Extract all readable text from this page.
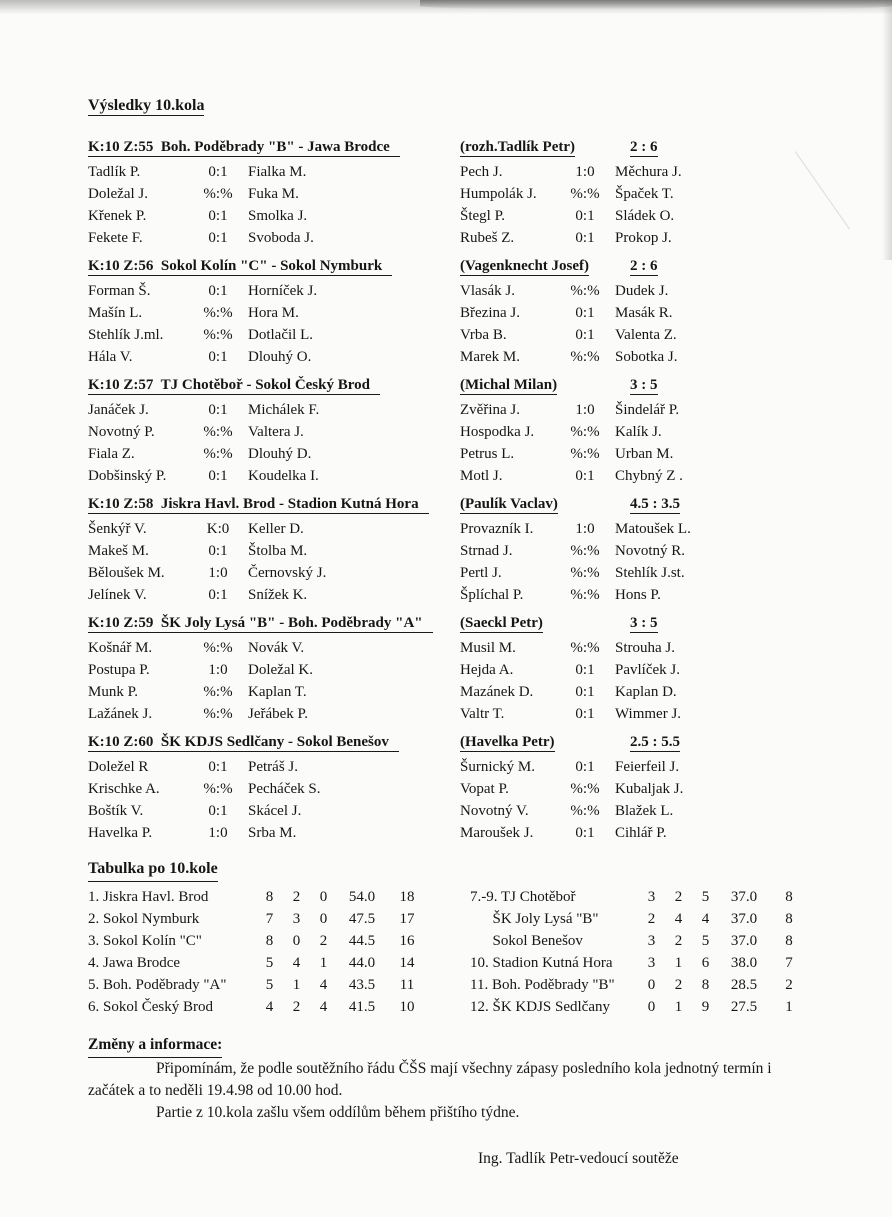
Výsledky 10.kola
K:10 Z:55  Boh. Poděbrady "B" - Jawa Brodce	(rozh.Tadlík Petr)	2 : 6
Tadlík P.	0:1	Fialka M.	Pech J.	1:0	Měchura J.
Doležal J.	%:%	Fuka M.	Humpolák J.	%:%	Špaček T.
Křenek P.	0:1	Smolka J.	Štegl P.	0:1	Sládek O.
Fekete F.	0:1	Svoboda J.	Rubeš Z.	0:1	Prokop J.
K:10 Z:56  Sokol Kolín "C" - Sokol Nymburk	(Vagenknecht Josef)	2 : 6
Forman Š.	0:1	Horníček J.	Vlasák J.	%:%	Dudek J.
Mašín L.	%:%	Hora M.	Březina J.	0:1	Masák R.
Stehlík J.ml.	%:%	Dotlačil L.	Vrba B.	0:1	Valenta Z.
Hála V.	0:1	Dlouhý O.	Marek M.	%:%	Sobotka J.
K:10 Z:57  TJ Chotěboř - Sokol Český Brod	(Michal Milan)	3 : 5
Janáček J.	0:1	Michálek F.	Zvěřina J.	1:0	Šindelář P.
Novotný P.	%:%	Valtera J.	Hospodka J.	%:%	Kalík J.
Fiala Z.	%:%	Dlouhý D.	Petrus L.	%:%	Urban M.
Dobšinský P.	0:1	Koudelka I.	Motl J.	0:1	Chybný Z .
K:10 Z:58  Jiskra Havl. Brod - Stadion Kutná Hora	(Paulík Vaclav)	4.5 : 3.5
Šenkýř V.	K:0	Keller D.	Provazník I.	1:0	Matoušek L.
Makeš M.	0:1	Štolba M.	Strnad J.	%:%	Novotný R.
Běloušek M.	1:0	Černovský J.	Pertl J.	%:%	Stehlík J.st.
Jelínek V.	0:1	Snížek K.	Šplíchal P.	%:%	Hons P.
K:10 Z:59  ŠK Joly Lysá "B" - Boh. Poděbrady "A"	(Saeckl Petr)	3 : 5
Košnář M.	%:%	Novák V.	Musil M.	%:%	Strouha J.
Postupa P.	1:0	Doležal K.	Hejda A.	0:1	Pavlíček J.
Munk P.	%:%	Kaplan T.	Mazánek D.	0:1	Kaplan D.
Lažánek J.	%:%	Jeřábek P.	Valtr T.	0:1	Wimmer J.
K:10 Z:60  ŠK KDJS Sedlčany - Sokol Benešov	(Havelka Petr)	2.5 : 5.5
Doležel R	0:1	Petráš J.	Šurnický M.	0:1	Feierfeil J.
Krischke A.	%:%	Pecháček S.	Vopat P.	%:%	Kubaljak J.
Boštík V.	0:1	Skácel J.	Novotný V.	%:%	Blažek L.
Havelka P.	1:0	Srba M.	Maroušek J.	0:1	Cihlář P.
Tabulka po 10.kole
1. Jiskra Havl. Brod	8	2	0	54.0	18
2. Sokol Nymburk	7	3	0	47.5	17
3. Sokol Kolín "C"	8	0	2	44.5	16
4. Jawa Brodce	5	4	1	44.0	14
5. Boh. Poděbrady "A"	5	1	4	43.5	11
6. Sokol Český Brod	4	2	4	41.5	10
7.-9. TJ Chotěboř	3	2	5	37.0	8
ŠK Joly Lysá "B"	2	4	4	37.0	8
Sokol Benešov	3	2	5	37.0	8
10. Stadion Kutná Hora	3	1	6	38.0	7
11. Boh. Poděbrady "B"	0	2	8	28.5	2
12. ŠK KDJS Sedlčany	0	1	9	27.5	1
Změny a informace:
Připomínám, že podle soutěžního řádu ČŠS mají všechny zápasy posledního kola jednotný termín i
začátek a to neděli 19.4.98 od 10.00 hod.
Partie z 10.kola zašlu všem oddílům během přištího týdne.
Ing. Tadlík Petr-vedoucí soutěže
